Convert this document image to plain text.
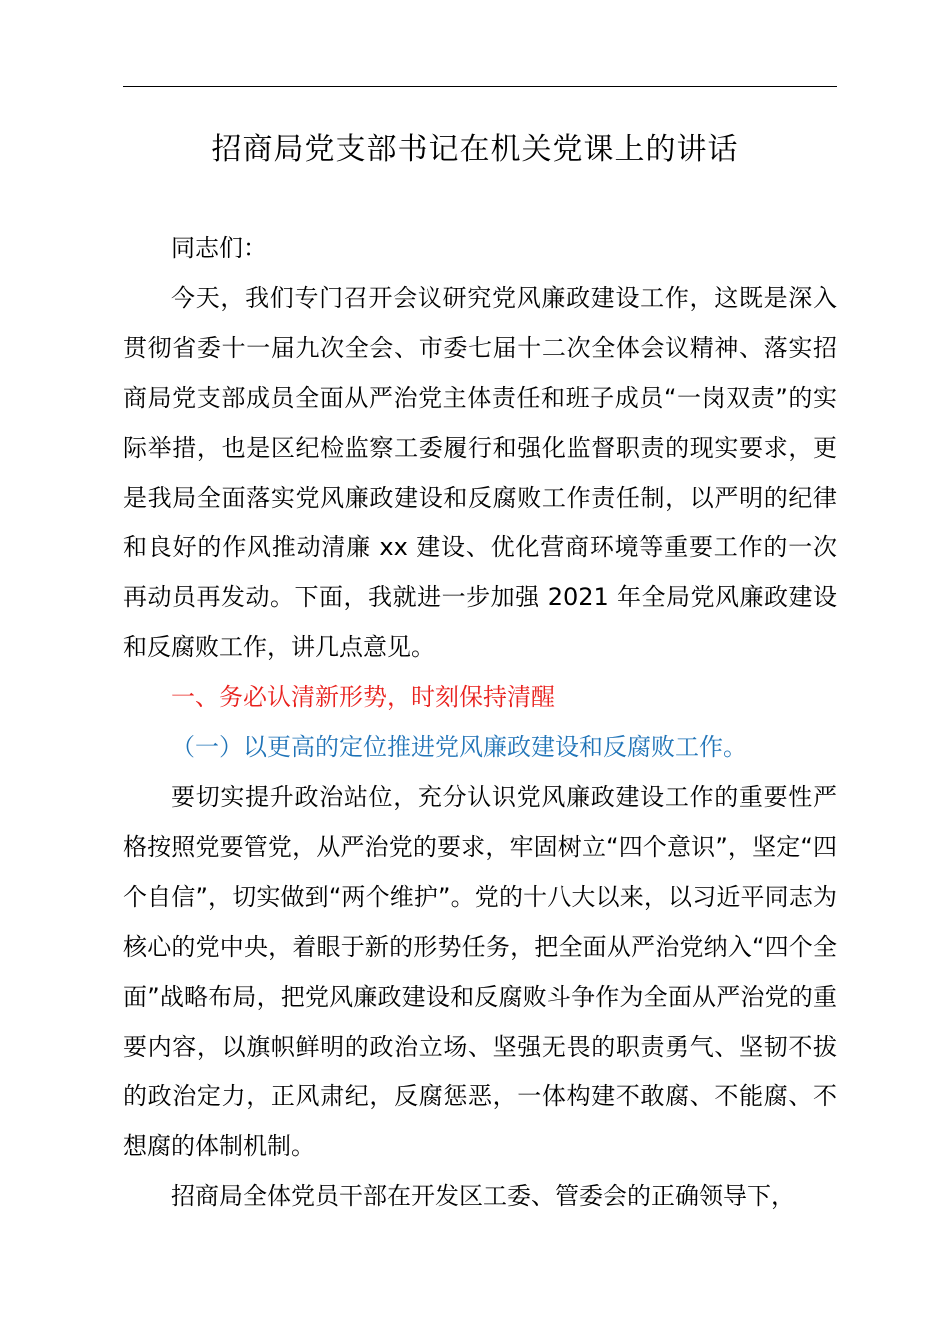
招商局党支部书记在机关党课上的讲话

同志们：

今天，我们专门召开会议研究党风廉政建设工作，这既是深入贯彻省委十一届九次全会、市委七届十二次全体会议精神、落实招商局党支部成员全面从严治党主体责任和班子成员“一岗双责”的实际举措，也是区纪检监察工委履行和强化监督职责的现实要求，更是我局全面落实党风廉政建设和反腐败工作责任制，以严明的纪律和良好的作风推动清廉 xx 建设、优化营商环境等重要工作的一次再动员再发动。下面，我就进一步加强 2021 年全局党风廉政建设和反腐败工作，讲几点意见。

一、务必认清新形势，时刻保持清醒

（一）以更高的定位推进党风廉政建设和反腐败工作。

要切实提升政治站位，充分认识党风廉政建设工作的重要性严格按照党要管党，从严治党的要求，牢固树立“四个意识”，坚定“四个自信”，切实做到“两个维护”。党的十八大以来，以习近平同志为核心的党中央，着眼于新的形势任务，把全面从严治党纳入“四个全面”战略布局，把党风廉政建设和反腐败斗争作为全面从严治党的重要内容，以旗帜鲜明的政治立场、坚强无畏的职责勇气、坚韧不拔的政治定力，正风肃纪，反腐惩恶，一体构建不敢腐、不能腐、不想腐的体制机制。

招商局全体党员干部在开发区工委、管委会的正确领导下，
